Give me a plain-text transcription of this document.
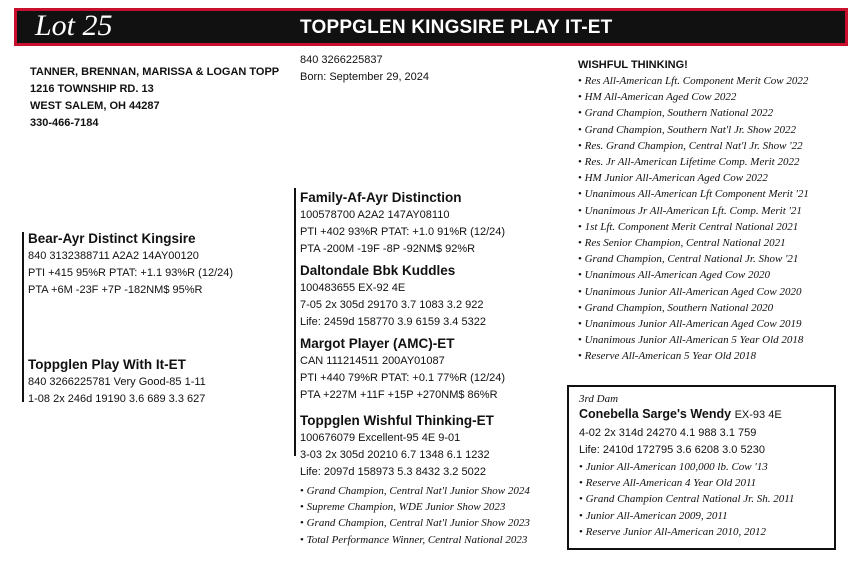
Lot 25	TOPPGLEN KINGSIRE PLAY IT-ET
TANNER, BRENNAN, MARISSA & LOGAN TOPP
1216 TOWNSHIP RD. 13
WEST SALEM, OH 44287
330-466-7184
840 3266225837
Born: September 29, 2024
Bear-Ayr Distinct Kingsire
840 3132388711 A2A2 14AY00120
PTI +415 95%R PTAT: +1.1 93%R (12/24)
PTA +6M -23F +7P -182NM$ 95%R
Toppglen Play With It-ET
840 3266225781 Very Good-85 1-11
1-08 2x 246d 19190 3.6 689 3.3 627
Family-Af-Ayr Distinction
100578700 A2A2 147AY08110
PTI +402 93%R PTAT: +1.0 91%R (12/24)
PTA -200M -19F -8P -92NM$ 92%R
Daltondale Bbk Kuddles
100483655 EX-92 4E
7-05 2x 305d 29170 3.7 1083 3.2 922
Life: 2459d 158770 3.9 6159 3.4 5322
Margot Player (AMC)-ET
CAN 111214511 200AY01087
PTI +440 79%R PTAT: +0.1 77%R (12/24)
PTA +227M +11F +15P +270NM$ 86%R
Toppglen Wishful Thinking-ET
100676079 Excellent-95 4E 9-01
3-03 2x 305d 20210 6.7 1348 6.1 1232
Life: 2097d 158973 5.3 8432 3.2 5022
• Grand Champion, Central Nat'l Junior Show 2024
• Supreme Champion, WDE Junior Show 2023
• Grand Champion, Central Nat'l Junior Show 2023
• Total Performance Winner, Central National 2023
WISHFUL THINKING!
• Res All-American Lft. Component Merit Cow 2022
• HM All-American Aged Cow 2022
• Grand Champion, Southern National 2022
• Grand Champion, Southern Nat'l Jr. Show 2022
• Res. Grand Champion, Central Nat'l Jr. Show '22
• Res. Jr All-American Lifetime Comp. Merit 2022
• HM Junior All-American Aged Cow 2022
• Unanimous All-American Lft Component Merit '21
• Unanimous Jr All-American Lft. Comp. Merit '21
• 1st Lft. Component Merit Central National 2021
• Res Senior Champion, Central National 2021
• Grand Champion, Central National Jr. Show '21
• Unanimous All-American Aged Cow 2020
• Unanimous Junior All-American Aged Cow 2020
• Grand Champion, Southern National 2020
• Unanimous Junior All-American Aged Cow 2019
• Unanimous Junior All-American 5 Year Old 2018
• Reserve All-American 5 Year Old 2018
3rd Dam
Conebella Sarge's Wendy EX-93 4E
4-02 2x 314d 24270 4.1 988 3.1 759
Life: 2410d 172795 3.6 6208 3.0 5230
• Junior All-American 100,000 lb. Cow '13
• Reserve All-American 4 Year Old 2011
• Grand Champion Central National Jr. Sh. 2011
• Junior All-American 2009, 2011
• Reserve Junior All-American 2010, 2012
